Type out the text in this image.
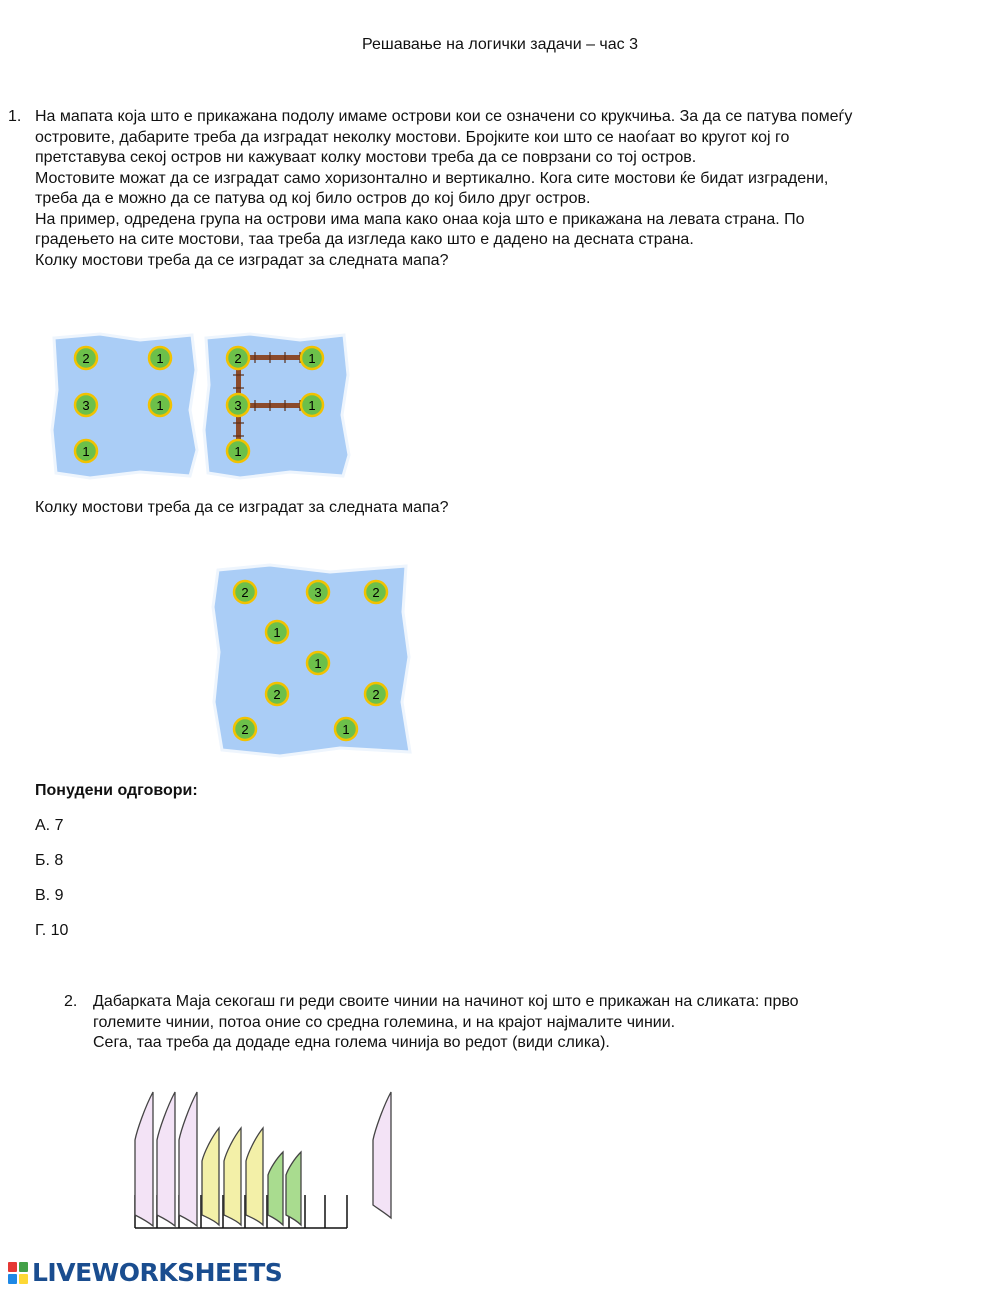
Решавање на логички задачи – час 3
1. На мапата која што е прикажана подолу имаме острови кои се означени со крукчиња. За да се патува помеѓу
островите, дабарите треба да изградат неколку мостови. Бројките кои што се наоѓаат во кругот кој го
претставува секој остров ни кажуваат колку мостови треба да се поврзани со тој остров.
Мостовите можат да се изградат само хоризонтално и вертикално. Кога сите мостови ќе бидат изградени,
треба да е можно да се патува од кој било остров до кој било друг остров.
На пример, одредена група на острови има мапа како онаа која што е прикажана на левата страна. По
градењето на сите мостови, таа треба да изгледа како што е дадено на десната страна.
Колку мостови треба да се изградат за следната мапа?
2	1
3	1
1
2	1
3	1
1
Колку мостови треба да се изградат за следната мапа?
2	3	2
1
1
2	2
2	1
Понудени одговори:
А. 7
Б. 8
В. 9
Г. 10
2. Дабарката Маја секогаш ги реди своите чинии на начинот кој што е прикажан на сликата: прво
големите чинии, потоа оние со средна големина, и на крајот најмалите чинии.
Сега, таа треба да додаде една голема чинија во редот (види слика).
LIVEWORKSHEETS
